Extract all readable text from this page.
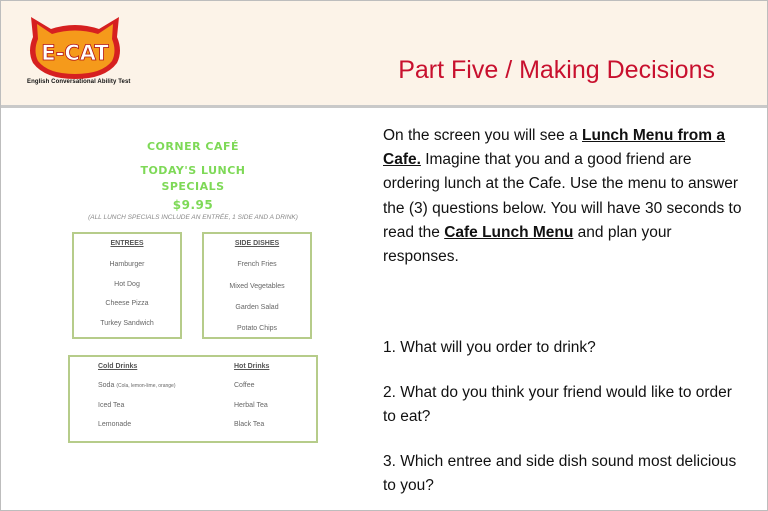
E-CAT
English Conversational Ability Test	Part Five / Making Decisions
CORNER CAFÉ
TODAY'S LUNCH
SPECIALS
$9.95
(ALL LUNCH SPECIALS INCLUDE AN ENTRÉE, 1 SIDE AND A DRINK)
ENTREES
Hamburger
Hot Dog
Cheese Pizza
Turkey Sandwich
SIDE DISHES
French Fries
Mixed Vegetables
Garden Salad
Potato Chips
Cold Drinks
Soda (Cola, lemon-lime, orange)
Iced Tea
Lemonade
Hot Drinks
Coffee
Herbal Tea
Black Tea
On the screen you will see a Lunch Menu from a Cafe. Imagine that you and a good friend are ordering lunch at the Cafe. Use the menu to answer the (3) questions below. You will have 30 seconds to read the Cafe Lunch Menu and plan your responses.
1. What will you order to drink?
2. What do you think your friend would like to order to eat?
3. Which entree and side dish sound most delicious to you?
